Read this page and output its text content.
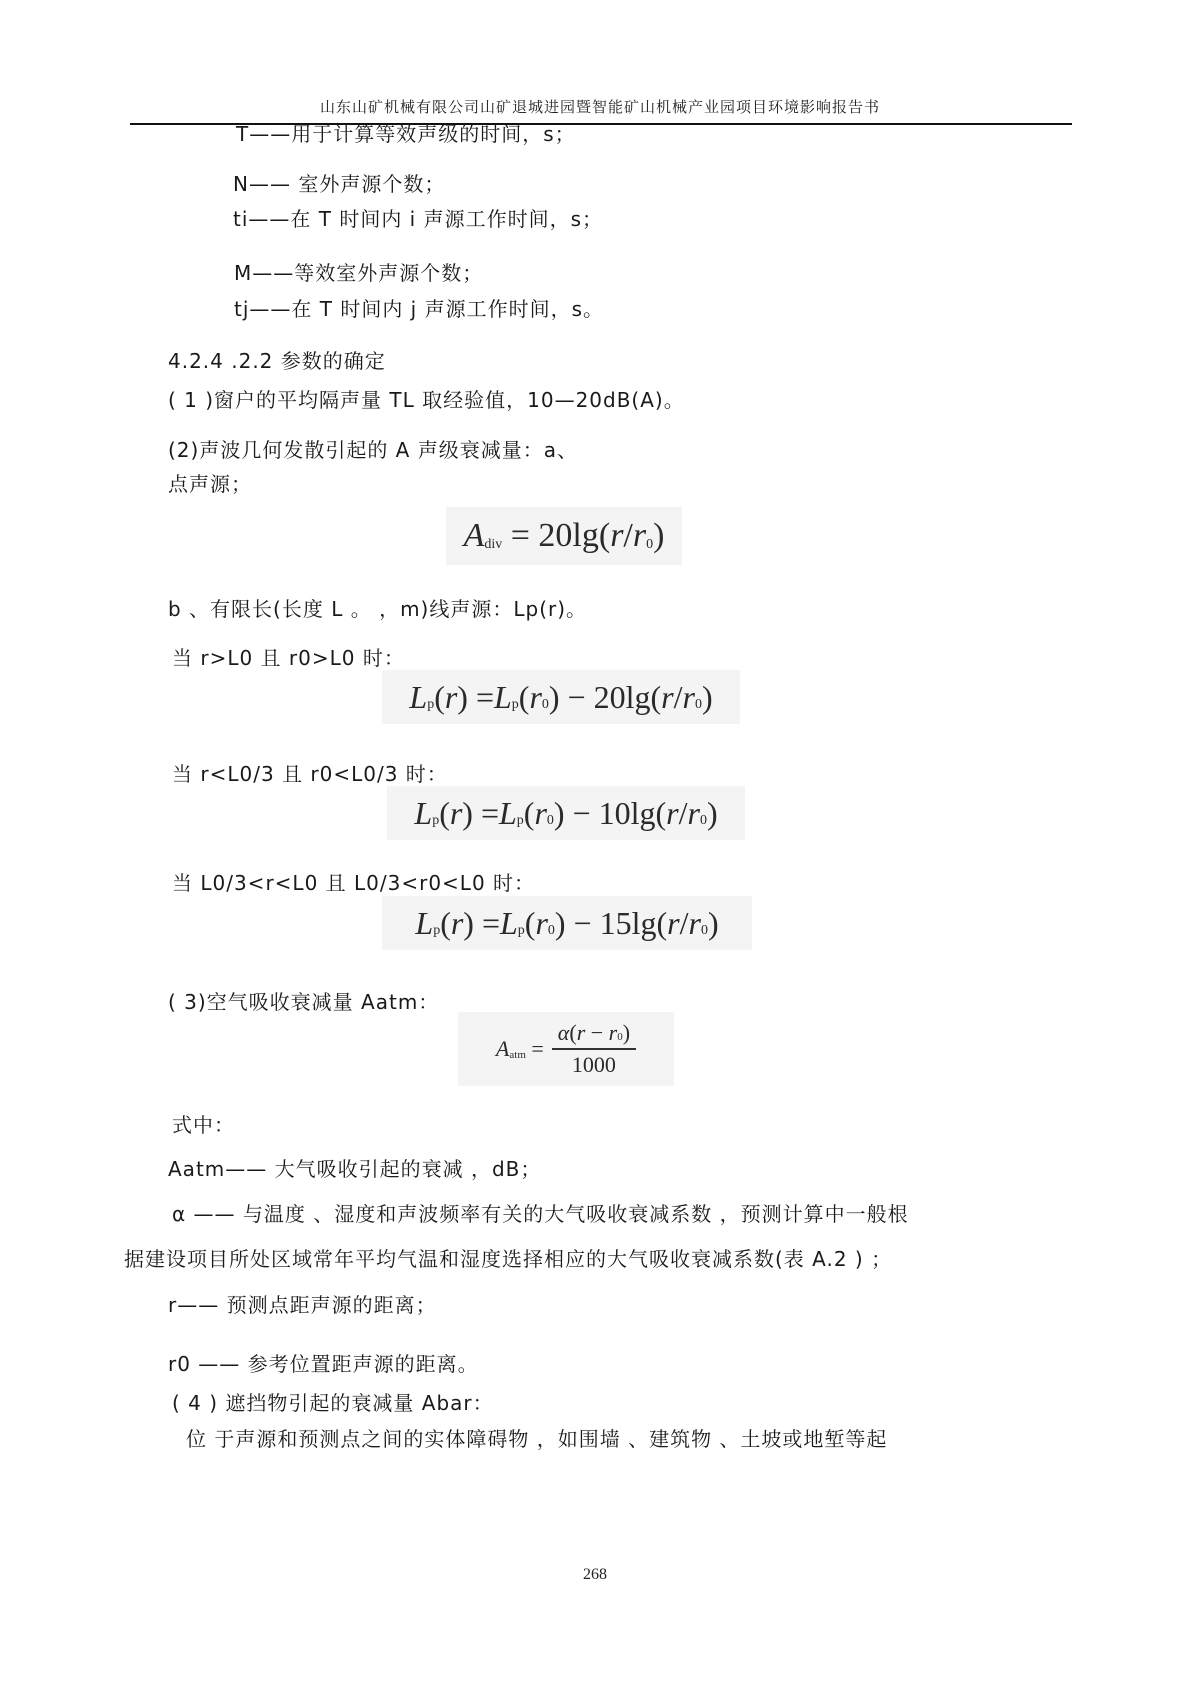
山东山矿机械有限公司山矿退城进园暨智能矿山机械产业园项目环境影响报告书
T——用于计算等效声级的时间，s；
N—— 室外声源个数；
ti——在 T 时间内 i 声源工作时间，s；
M——等效室外声源个数；
tj——在 T 时间内 j 声源工作时间，s。
4.2.4 .2.2 参数的确定
( 1 )窗户的平均隔声量 TL 取经验值，10—20dB(A)。
(2)声波几何发散引起的 A 声级衰减量：a、
点声源；
A div = 20lg( r / r 0 )
b 、有限长(长度 L 。 ，m)线声源：Lp(r)。
当 r>L0 且 r0>L0 时：
L p ( r ) = L p ( r 0 ) − 20lg( r / r 0 )
当 r<L0/3 且 r0<L0/3 时：
L p ( r ) = L p ( r 0 ) − 10lg( r / r 0 )
当 L0/3<r<L0 且 L0/3<r0<L0 时：
L p ( r ) = L p ( r 0 ) − 15lg( r / r 0 )
( 3)空气吸收衰减量 Aatm：
A atm = $\frac{\alpha(r - r0)}{1000}$
式中：
Aatm—— 大气吸收引起的衰减 ，dB；
α —— 与温度 、湿度和声波频率有关的大气吸收衰减系数 ，预测计算中一般根
据建设项目所处区域常年平均气温和湿度选择相应的大气吸收衰减系数(表 A.2 ) ；
r—— 预测点距声源的距离；
r0 —— 参考位置距声源的距离。
( 4 ) 遮挡物引起的衰减量 Abar：
位 于声源和预测点之间的实体障碍物 ，如围墙 、建筑物 、土坡或地堑等起
268
